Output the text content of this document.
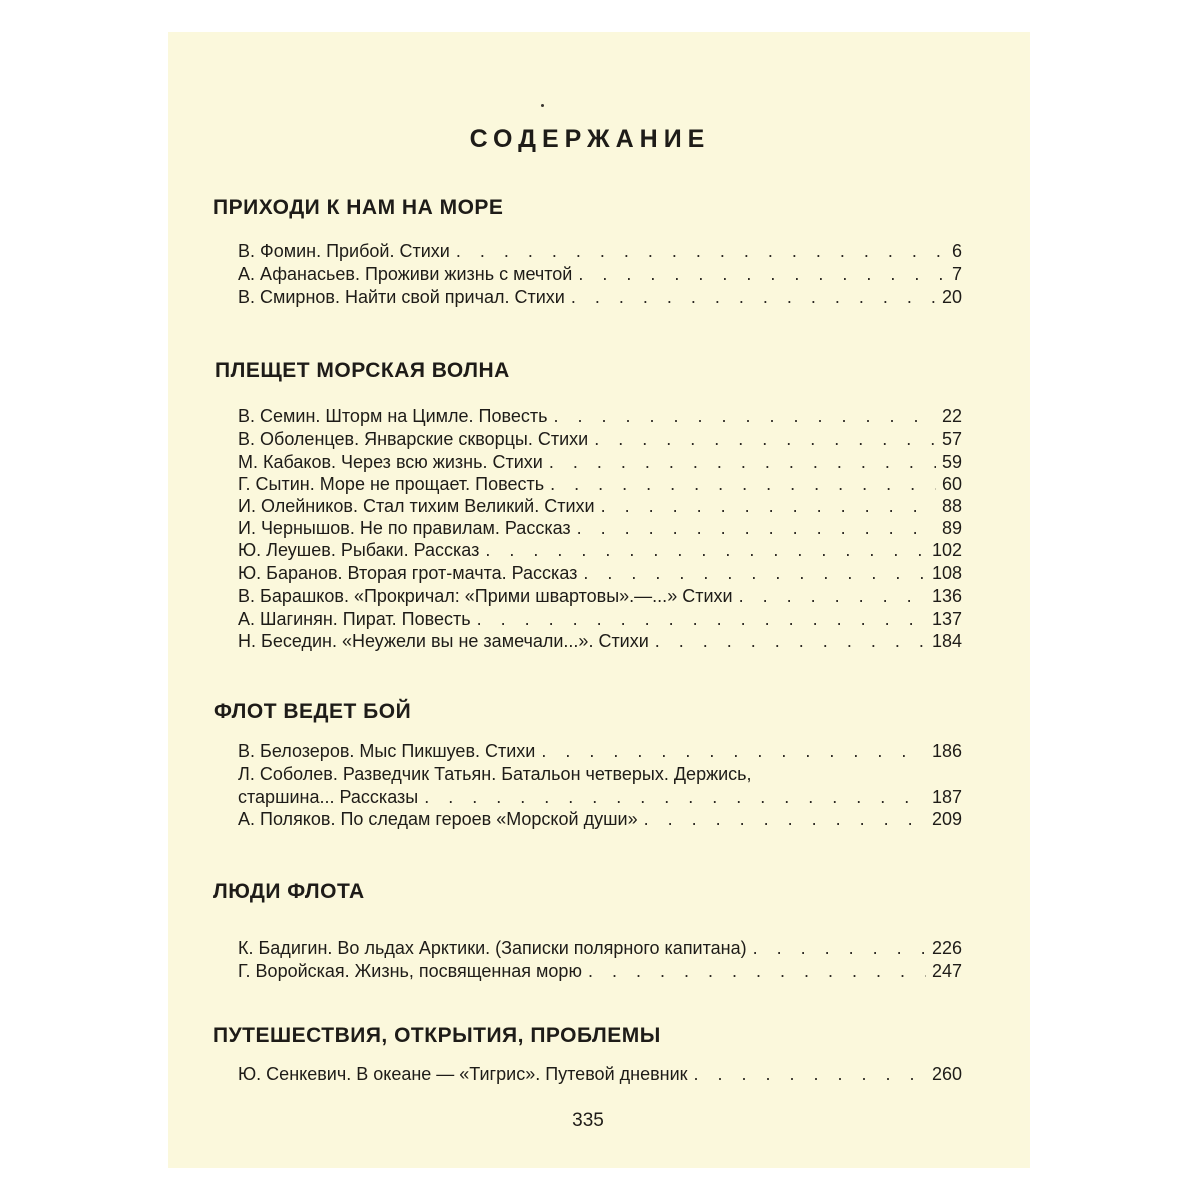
СОДЕРЖАНИЕ
ПРИХОДИ К НАМ НА МОРЕ
В. Фомин. Прибой. Стихи . . .	6
А. Афанасьев. Проживи жизнь с мечтой . . .	7
В. Смирнов. Найти свой причал. Стихи . . .	20
ПЛЕЩЕТ МОРСКАЯ ВОЛНА
В. Семин. Шторм на Цимле. Повесть . . .	22
В. Оболенцев. Январские скворцы. Стихи . . .	57
М. Кабаков. Через всю жизнь. Стихи . . .	59
Г. Сытин. Море не прощает. Повесть . . .	60
И. Олейников. Стал тихим Великий. Стихи . . .	88
И. Чернышов. Не по правилам. Рассказ . . .	89
Ю. Леушев. Рыбаки. Рассказ . . .	102
Ю. Баранов. Вторая грот-мачта. Рассказ . . .	108
В. Барашков. «Прокричал: «Прими швартовы».—...» Стихи . . .	136
А. Шагинян. Пират. Повесть . . .	137
Н. Беседин. «Неужели вы не замечали...». Стихи . . .	184
ФЛОТ ВЕДЕТ БОЙ
В. Белозеров. Мыс Пикшуев. Стихи . . .	186
Л. Соболев. Разведчик Татьян. Батальон четверых. Держись,
старшина... Рассказы . . .	187
А. Поляков. По следам героев «Морской души» . . .	209
ЛЮДИ ФЛОТА
К. Бадигин. Во льдах Арктики. (Записки полярного капитана) . . .	226
Г. Воройская. Жизнь, посвященная морю . . .	247
ПУТЕШЕСТВИЯ, ОТКРЫТИЯ, ПРОБЛЕМЫ
Ю. Сенкевич. В океане — «Тигрис». Путевой дневник . . .	260
335
